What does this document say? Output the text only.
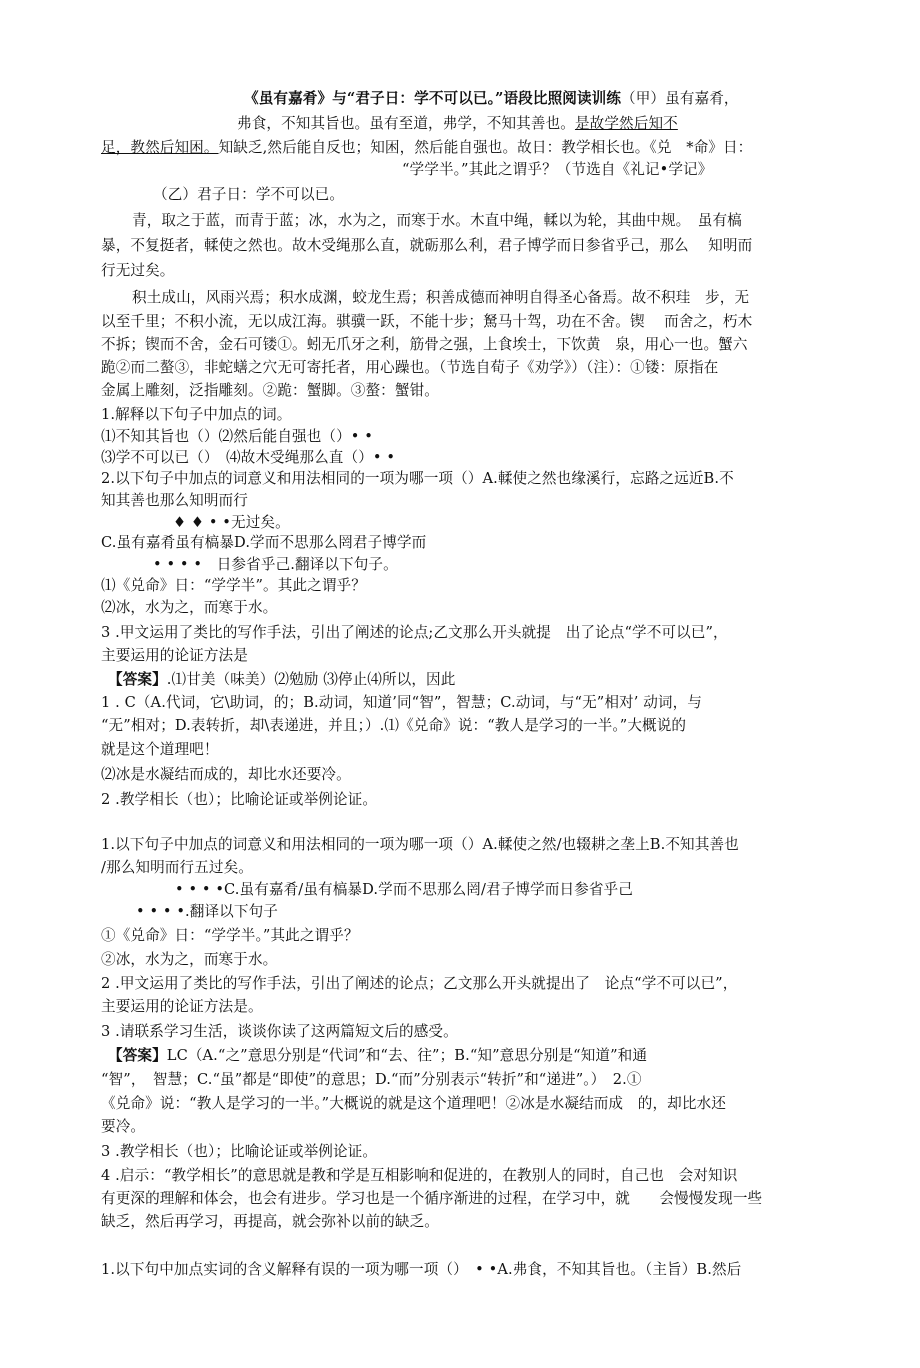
《虽有嘉肴》与“君子日：学不可以已。”语段比照阅读训练（甲）虽有嘉肴，
弗食，不知其旨也。虽有至道，弗学，不知其善也。是故学然后知不
足，教然后知困。知缺乏,然后能自反也；知困，然后能自强也。故日：教学相长也。《兑　*命》日：
“学学半。”其此之谓乎？（节选自《礼记•学记》
（乙）君子日：学不可以已。
青，取之于蓝，而青于蓝；冰，水为之，而寒于水。木直中绳，輮以为轮，其曲中规。　虽有槁
暴，不复挺者，輮使之然也。故木受绳那么直，就砺那么利，君子博学而日参省乎己，那么　 知明而
行无过矣。
积土成山，风雨兴焉；积水成渊，蛟龙生焉；积善成德而神明自得圣心备焉。故不积珪　步，无
以至千里；不积小流，无以成江海。骐骥一跃，不能十步；駑马十驾，功在不舍。锲　 而舍之，朽木
不拆；锲而不舍，金石可镂①。蚓无爪牙之利，筋骨之强，上食埃士，下饮黄　泉，用心一也。蟹六
跪②而二螯③，非蛇蟮之穴无可寄托者，用心躁也。（节选自荀子《劝学》）（注）：①镂：原指在
金属上雕刻，泛指雕刻。②跪：蟹脚。③螯：蟹钳。
1.解释以下句子中加点的词。
⑴不知其旨也（）⑵然后能自强也（）• •
⑶学不可以已（）　⑷故木受绳那么直（）• •
2.以下句子中加点的词意义和用法相同的一项为哪一项（）A.輮使之然也缘溪行，忘路之远近B.不
知其善也那么知明而行
♦ ♦ • •无过矣。
C.虽有嘉肴虽有槁暴D.学而不思那么罔君子博学而
• • • •　日参省乎己.翻译以下句子。
⑴《兑命》日：“学学半”。其此之谓乎？
⑵冰，水为之，而寒于水。
3 .甲文运用了类比的写作手法，引出了阐述的论点;乙文那么开头就提　出了论点“学不可以已”，
主要运用的论证方法是
【答案】.⑴甘美（味美）⑵勉励 ⑶停止⑷所以，因此
1 . C（A.代词，它\助词，的；B.动词，知道’同“智”，智慧；C.动词，与“无”相对’ 动词，与
“无”相对；D.表转折，却\表递进，并且；）.⑴《兑命》说：“教人是学习的一半。”大概说的
就是这个道理吧！
⑵冰是水凝结而成的，却比水还要冷。
2 .教学相长（也）；比喻论证或举例论证。
1.以下句子中加点的词意义和用法相同的一项为哪一项（）A.輮使之然/也辍耕之垄上B.不知其善也
/那么知明而行五过矣。
• • • •C.虽有嘉肴/虽有槁暴D.学而不思那么罔/君子博学而日参省乎己
• • • •.翻译以下句子
①《兑命》日：“学学半。”其此之谓乎？
②冰，水为之，而寒于水。
2 .甲文运用了类比的写作手法，引出了阐述的论点；乙文那么开头就提出了　论点“学不可以已”，
主要运用的论证方法是。
3 .请联系学习生活，谈谈你读了这两篇短文后的感受。
【答案】LC（A.“之”意思分别是“代词”和“去、往”；B.“知”意思分别是“知道”和通
“智”，　智慧；C.“虽”都是“即使”的意思；D.“而”分别表示“转折”和“递进”。）　2.①
《兑命》说：“教人是学习的一半。”大概说的就是这个道理吧！②冰是水凝结而成　的，却比水还
要冷。
3 .教学相长（也）；比喻论证或举例论证。
4 .启示：“教学相长”的意思就是教和学是互相影响和促进的，在教别人的同时，自己也　会对知识
有更深的理解和体会，也会有进步。学习也是一个循序渐进的过程，在学习中，就　　会慢慢发现一些
缺乏，然后再学习，再提高，就会弥补以前的缺乏。
1.以下句中加点实词的含义解释有误的一项为哪一项（）　• •A.弗食，不知其旨也。（主旨）B.然后
